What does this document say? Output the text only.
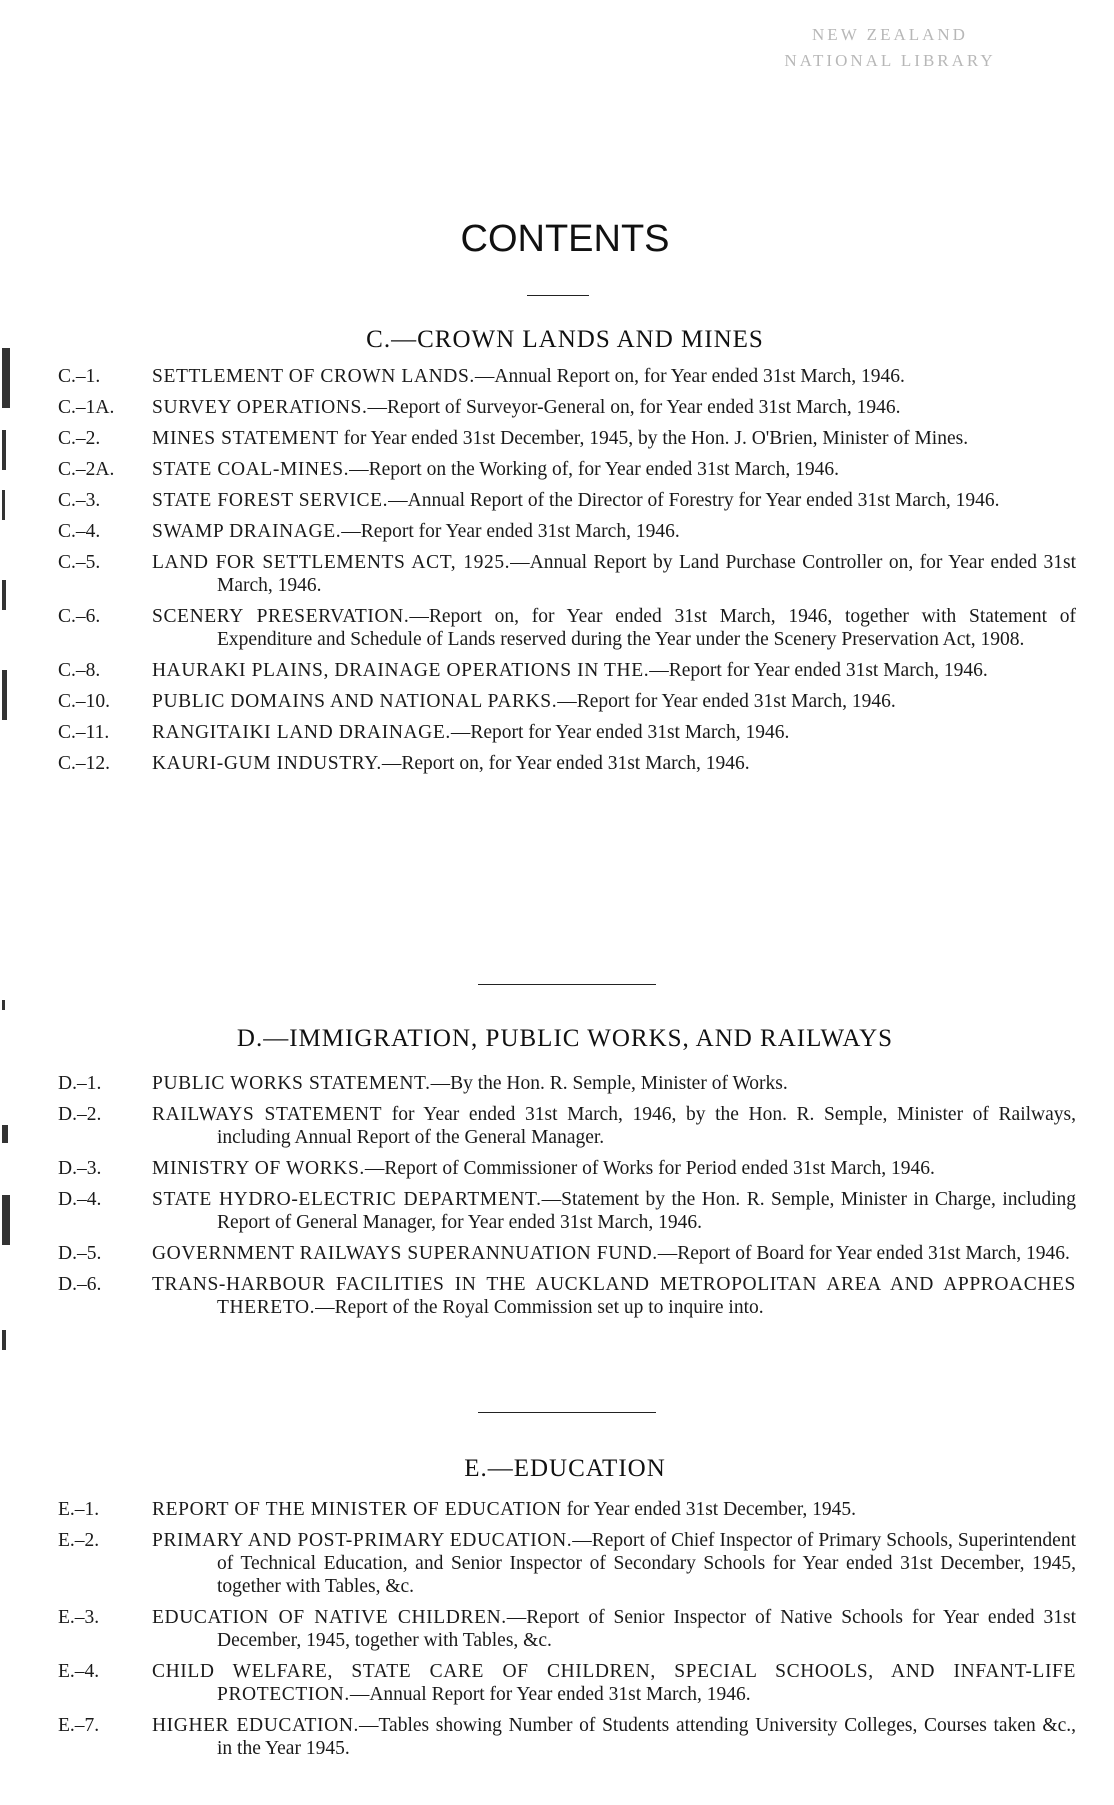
NEW ZEALAND
NATIONAL LIBRARY
CONTENTS
C.—CROWN LANDS AND MINES
C.–1.	SETTLEMENT OF CROWN LANDS.—Annual Report on, for Year ended 31st March, 1946.
C.–1A.	SURVEY OPERATIONS.—Report of Surveyor-General on, for Year ended 31st March, 1946.
C.–2.	MINES STATEMENT for Year ended 31st December, 1945, by the Hon. J. O'Brien, Minister of Mines.
C.–2A.	STATE COAL-MINES.—Report on the Working of, for Year ended 31st March, 1946.
C.–3.	STATE FOREST SERVICE.—Annual Report of the Director of Forestry for Year ended 31st March, 1946.
C.–4.	SWAMP DRAINAGE.—Report for Year ended 31st March, 1946.
C.–5.	LAND FOR SETTLEMENTS ACT, 1925.—Annual Report by Land Purchase Controller on, for Year ended 31st March, 1946.
C.–6.	SCENERY PRESERVATION.—Report on, for Year ended 31st March, 1946, together with Statement of Expenditure and Schedule of Lands reserved during the Year under the Scenery Preservation Act, 1908.
C.–8.	HAURAKI PLAINS, DRAINAGE OPERATIONS IN THE.—Report for Year ended 31st March, 1946.
C.–10.	PUBLIC DOMAINS AND NATIONAL PARKS.—Report for Year ended 31st March, 1946.
C.–11.	RANGITAIKI LAND DRAINAGE.—Report for Year ended 31st March, 1946.
C.–12.	KAURI-GUM INDUSTRY.—Report on, for Year ended 31st March, 1946.
D.—IMMIGRATION, PUBLIC WORKS, AND RAILWAYS
D.–1.	PUBLIC WORKS STATEMENT.—By the Hon. R. Semple, Minister of Works.
D.–2.	RAILWAYS STATEMENT for Year ended 31st March, 1946, by the Hon. R. Semple, Minister of Railways, including Annual Report of the General Manager.
D.–3.	MINISTRY OF WORKS.—Report of Commissioner of Works for Period ended 31st March, 1946.
D.–4.	STATE HYDRO-ELECTRIC DEPARTMENT.—Statement by the Hon. R. Semple, Minister in Charge, including Report of General Manager, for Year ended 31st March, 1946.
D.–5.	GOVERNMENT RAILWAYS SUPERANNUATION FUND.—Report of Board for Year ended 31st March, 1946.
D.–6.	TRANS-HARBOUR FACILITIES IN THE AUCKLAND METROPOLITAN AREA AND APPROACHES THERETO.—Report of the Royal Commission set up to inquire into.
E.—EDUCATION
E.–1.	REPORT OF THE MINISTER OF EDUCATION for Year ended 31st December, 1945.
E.–2.	PRIMARY AND POST-PRIMARY EDUCATION.—Report of Chief Inspector of Primary Schools, Superintendent of Technical Education, and Senior Inspector of Secondary Schools for Year ended 31st December, 1945, together with Tables, &c.
E.–3.	EDUCATION OF NATIVE CHILDREN.—Report of Senior Inspector of Native Schools for Year ended 31st December, 1945, together with Tables, &c.
E.–4.	CHILD WELFARE, STATE CARE OF CHILDREN, SPECIAL SCHOOLS, AND INFANT-LIFE PROTECTION.—Annual Report for Year ended 31st March, 1946.
E.–7.	HIGHER EDUCATION.—Tables showing Number of Students attending University Colleges, Courses taken &c., in the Year 1945.
